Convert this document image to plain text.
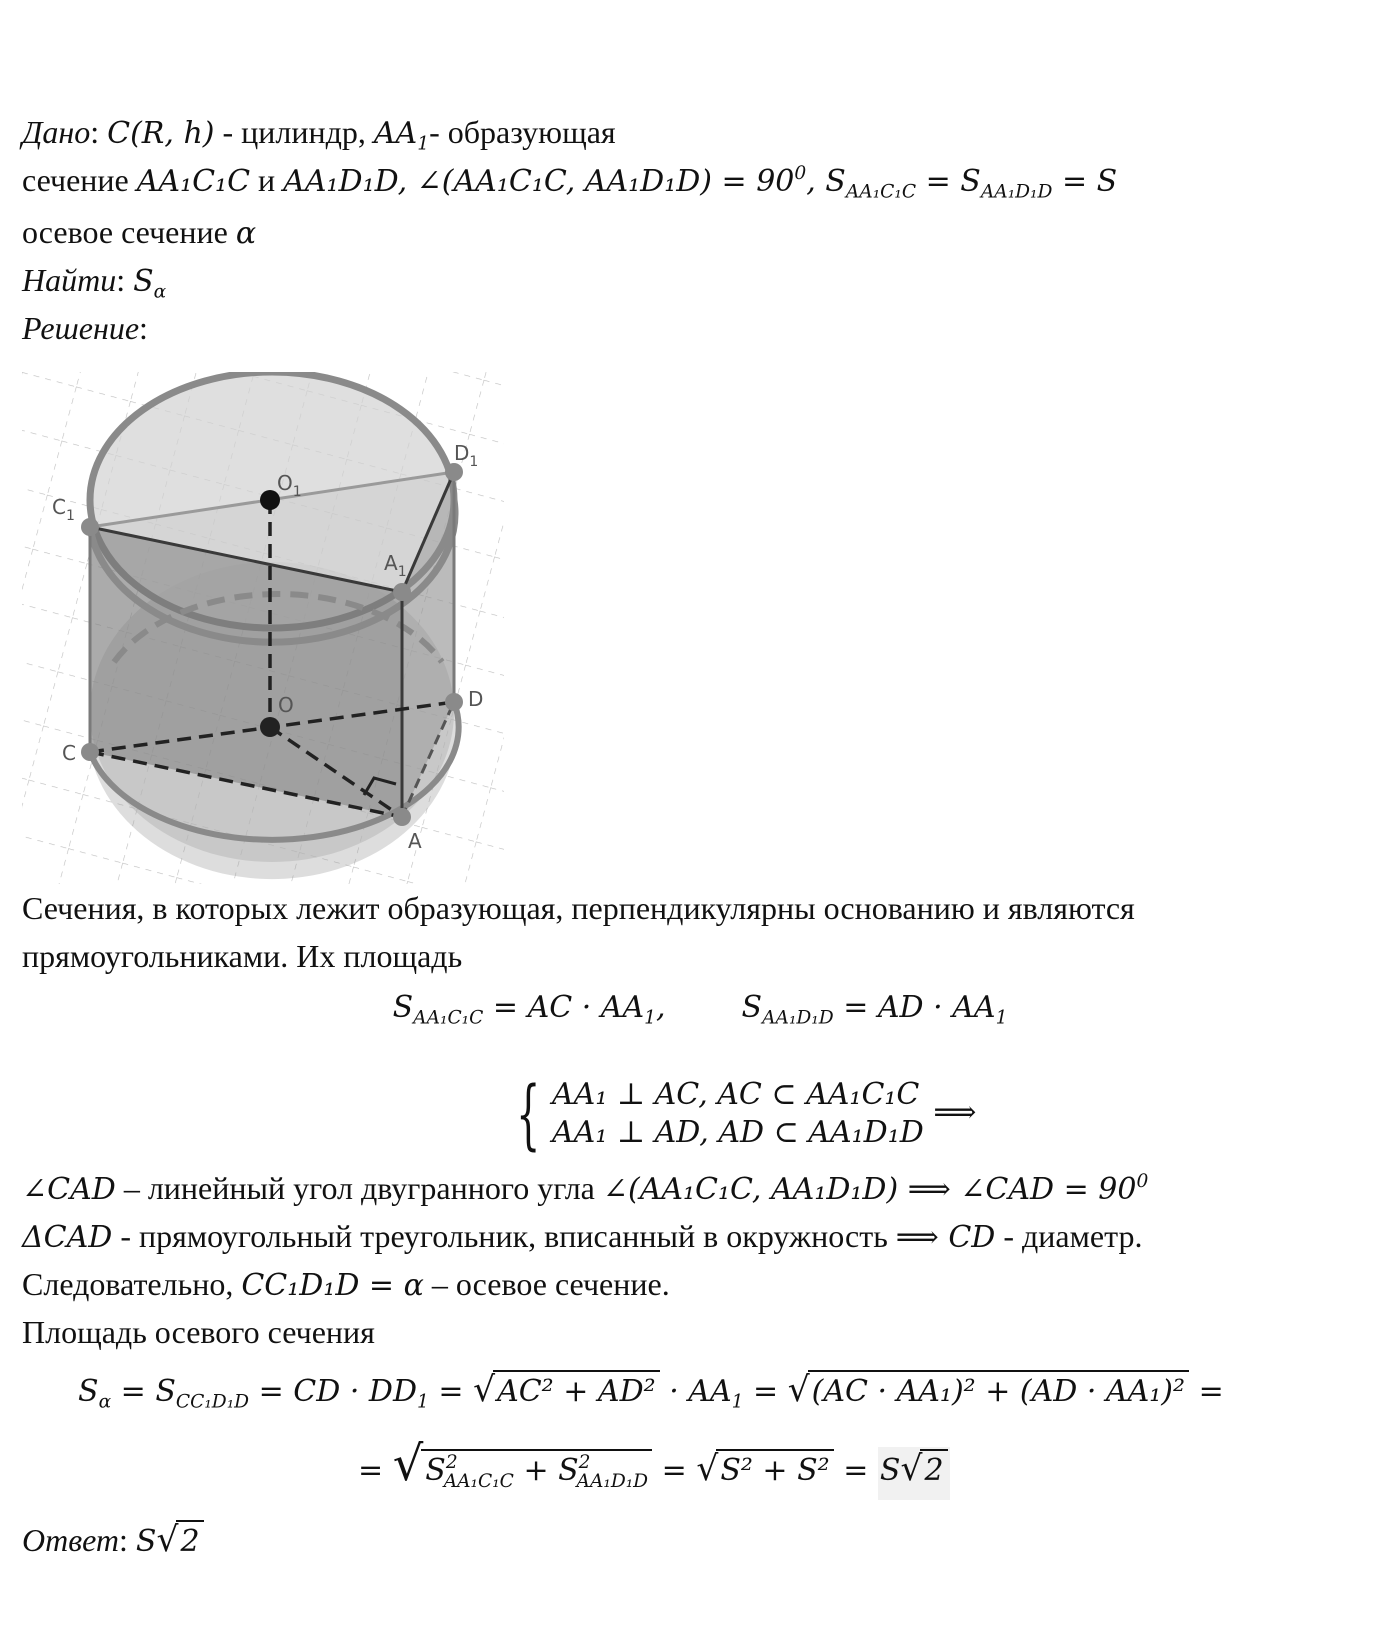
Дано: C(R, h) - цилиндр, $AA_1-$ образующая
сечение AA₁C₁C и AA₁D₁D, ∠(AA₁C₁C, $AA_1D_1D) = 90^0$, $S_{AA_1C_1C} = S_{AA_1D_1D} = S$
осевое сечение α
Найти: $S_\alpha$
Решение:
$O_1$
$D_1$
$C_1$
$A_1$
O	D
C
A
Сечения, в которых лежит образующая, перпендикулярны основанию и являются
прямоугольниками. Их площадь
$S_{AA_1C_1C}$ = AC · $AA_1$,	$S_{AA_1D_1D}$ = AD · $AA_1$
{ AA₁ ⊥ AC, AC ⊂ AA₁C₁C
AA₁ ⊥ AD, AD ⊂ AA₁D₁D ⟹
∠CAD – линейный угол двугранного угла ∠(AA₁C₁C, AA₁D₁D) ⟹ ∠CAD = $90^0$
ΔCAD - прямоугольный треугольник, вписанный в окружность ⟹ CD - диаметр.
Следовательно, CC₁D₁D = α – осевое сечение.
Площадь осевого сечения
$S_\alpha = S_{CC_1D_1D}$ = CD · $DD_1 = √AC^2 + AD^2 \cdot AA_1 = √(AC \cdot AA_1)^2 + (AD \cdot AA_1)^2$ =
= $√S^2_{AA_1C_1C} + S^2_{AA_1D_1D} = √S^2 + S^2 = S√2$
Ответ: S√2
